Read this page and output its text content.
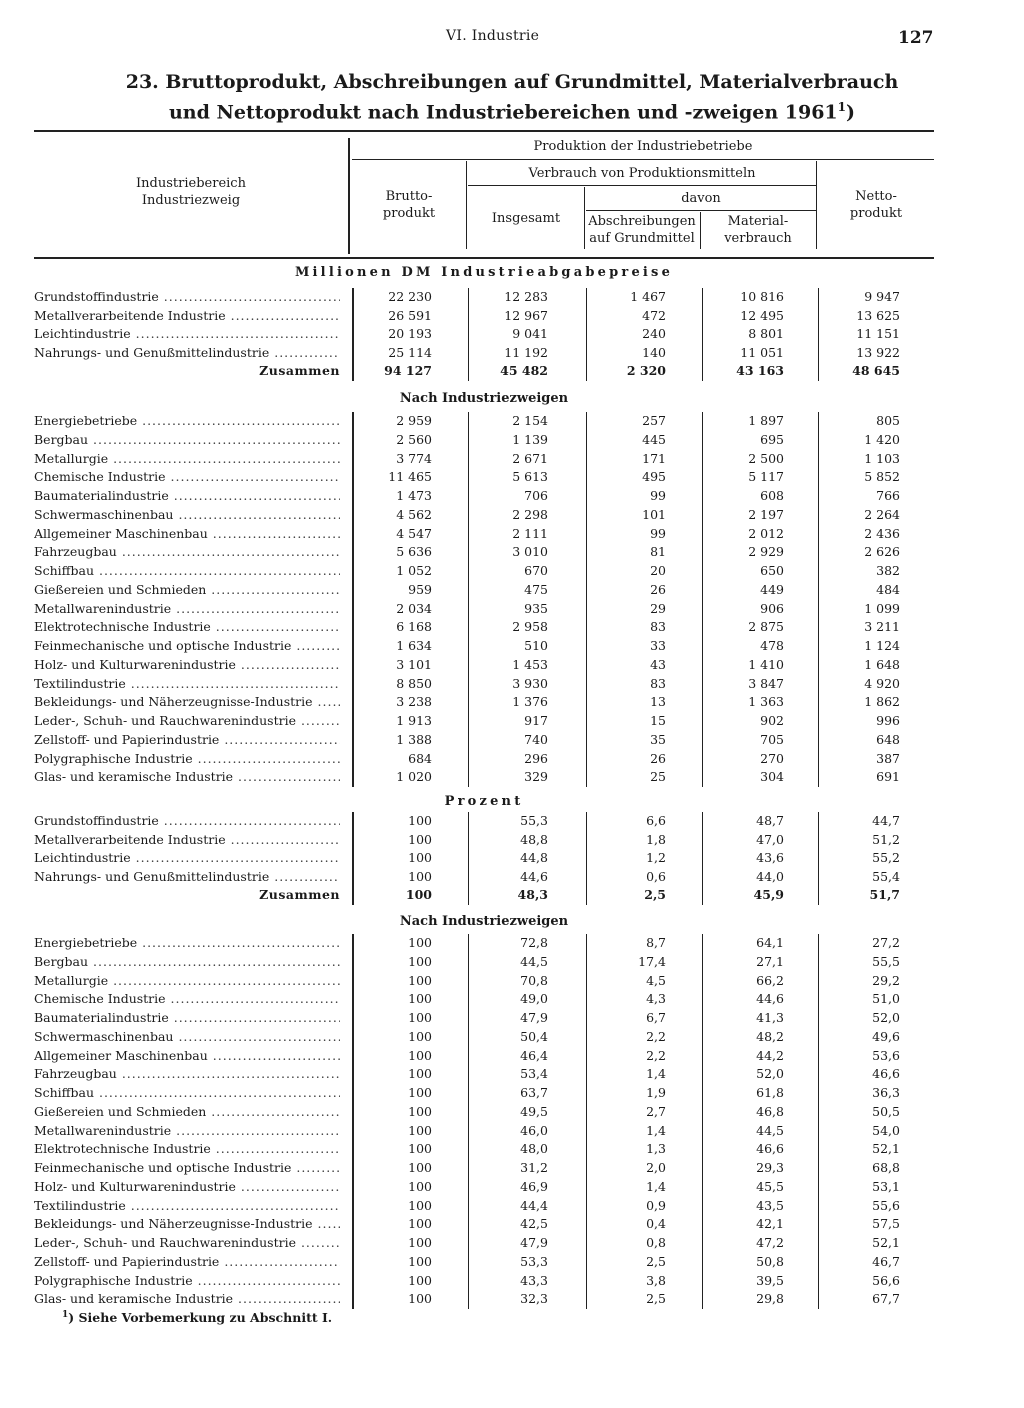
VI. Industrie	127
23. Bruttoprodukt, Abschreibungen auf Grundmittel, Materialverbrauch
und Nettoprodukt nach Industriebereichen und -zweigen 1961$^1$)
Industriebereich
Industriezweig
Produktion der Industriebetriebe
Verbrauch von Produktionsmitteln
davon
Brutto-
produkt	Insgesamt	Abschreibungen
auf Grundmittel
Material-
verbrauch
Netto-
produkt
Millionen DM Industrieabgabepreise
Grundstoffindustrie .....	22 230	12 283	1 467	10 816	9 947
Metallverarbeitende Industrie .....	26 591	12 967	472	12 495	13 625
Leichtindustrie .....	20 193	9 041	240	8 801	11 151
Nahrungs- und Genußmittelindustrie .....	25 114	11 192	140	11 051	13 922
Zusammen	94 127	45 482	2 320	43 163	48 645
Nach Industriezweigen
Energiebetriebe .....	2 959	2 154	257	1 897	805
Bergbau .....	2 560	1 139	445	695	1 420
Metallurgie .....	3 774	2 671	171	2 500	1 103
Chemische Industrie .....	11 465	5 613	495	5 117	5 852
Baumaterialindustrie .....	1 473	706	99	608	766
Schwermaschinenbau .....	4 562	2 298	101	2 197	2 264
Allgemeiner Maschinenbau .....	4 547	2 111	99	2 012	2 436
Fahrzeugbau .....	5 636	3 010	81	2 929	2 626
Schiffbau .....	1 052	670	20	650	382
Gießereien und Schmieden .....	959	475	26	449	484
Metallwarenindustrie .....	2 034	935	29	906	1 099
Elektrotechnische Industrie .....	6 168	2 958	83	2 875	3 211
Feinmechanische und optische Industrie .....	1 634	510	33	478	1 124
Holz- und Kulturwarenindustrie .....	3 101	1 453	43	1 410	1 648
Textilindustrie .....	8 850	3 930	83	3 847	4 920
Bekleidungs- und Näherzeugnisse-Industrie .....	3 238	1 376	13	1 363	1 862
Leder-, Schuh- und Rauchwarenindustrie .....	1 913	917	15	902	996
Zellstoff- und Papierindustrie .....	1 388	740	35	705	648
Polygraphische Industrie .....	684	296	26	270	387
Glas- und keramische Industrie .....	1 020	329	25	304	691
Prozent
Grundstoffindustrie .....	100	55,3	6,6	48,7	44,7
Metallverarbeitende Industrie .....	100	48,8	1,8	47,0	51,2
Leichtindustrie .....	100	44,8	1,2	43,6	55,2
Nahrungs- und Genußmittelindustrie .....	100	44,6	0,6	44,0	55,4
Zusammen	100	48,3	2,5	45,9	51,7
Nach Industriezweigen
Energiebetriebe .....	100	72,8	8,7	64,1	27,2
Bergbau .....	100	44,5	17,4	27,1	55,5
Metallurgie .....	100	70,8	4,5	66,2	29,2
Chemische Industrie .....	100	49,0	4,3	44,6	51,0
Baumaterialindustrie .....	100	47,9	6,7	41,3	52,0
Schwermaschinenbau .....	100	50,4	2,2	48,2	49,6
Allgemeiner Maschinenbau .....	100	46,4	2,2	44,2	53,6
Fahrzeugbau .....	100	53,4	1,4	52,0	46,6
Schiffbau .....	100	63,7	1,9	61,8	36,3
Gießereien und Schmieden .....	100	49,5	2,7	46,8	50,5
Metallwarenindustrie .....	100	46,0	1,4	44,5	54,0
Elektrotechnische Industrie .....	100	48,0	1,3	46,6	52,1
Feinmechanische und optische Industrie .....	100	31,2	2,0	29,3	68,8
Holz- und Kulturwarenindustrie .....	100	46,9	1,4	45,5	53,1
Textilindustrie .....	100	44,4	0,9	43,5	55,6
Bekleidungs- und Näherzeugnisse-Industrie .....	100	42,5	0,4	42,1	57,5
Leder-, Schuh- und Rauchwarenindustrie .....	100	47,9	0,8	47,2	52,1
Zellstoff- und Papierindustrie .....	100	53,3	2,5	50,8	46,7
Polygraphische Industrie .....	100	43,3	3,8	39,5	56,6
Glas- und keramische Industrie .....	100	32,3	2,5	29,8	67,7
$^1$) Siehe Vorbemerkung zu Abschnitt I.
